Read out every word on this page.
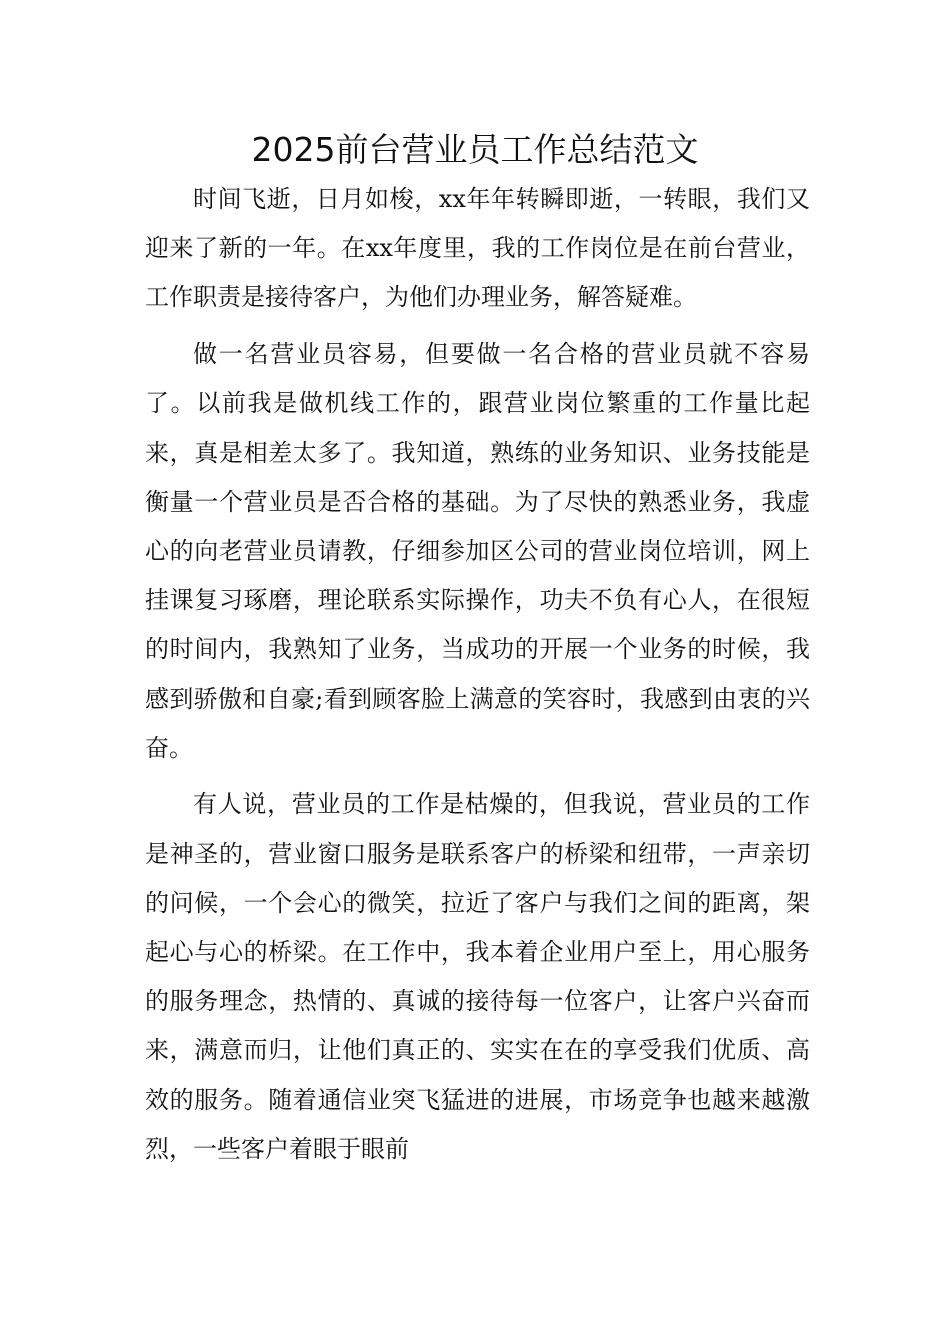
2025前台营业员工作总结范文

时间飞逝，日月如梭，xx年年转瞬即逝，一转眼，我们又迎来了新的一年。在xx年度里，我的工作岗位是在前台营业，工作职责是接待客户，为他们办理业务，解答疑难。

做一名营业员容易，但要做一名合格的营业员就不容易了。以前我是做机线工作的，跟营业岗位繁重的工作量比起来，真是相差太多了。我知道，熟练的业务知识、业务技能是衡量一个营业员是否合格的基础。为了尽快的熟悉业务，我虚心的向老营业员请教，仔细参加区公司的营业岗位培训，网上挂课复习琢磨，理论联系实际操作，功夫不负有心人，在很短的时间内，我熟知了业务，当成功的开展一个业务的时候，我感到骄傲和自豪;看到顾客脸上满意的笑容时，我感到由衷的兴奋。

有人说，营业员的工作是枯燥的，但我说，营业员的工作是神圣的，营业窗口服务是联系客户的桥梁和纽带，一声亲切的问候，一个会心的微笑，拉近了客户与我们之间的距离，架起心与心的桥梁。在工作中，我本着企业用户至上，用心服务的服务理念，热情的、真诚的接待每一位客户，让客户兴奋而来，满意而归，让他们真正的、实实在在的享受我们优质、高效的服务。随着通信业突飞猛进的进展，市场竞争也越来越激烈，一些客户着眼于眼前
